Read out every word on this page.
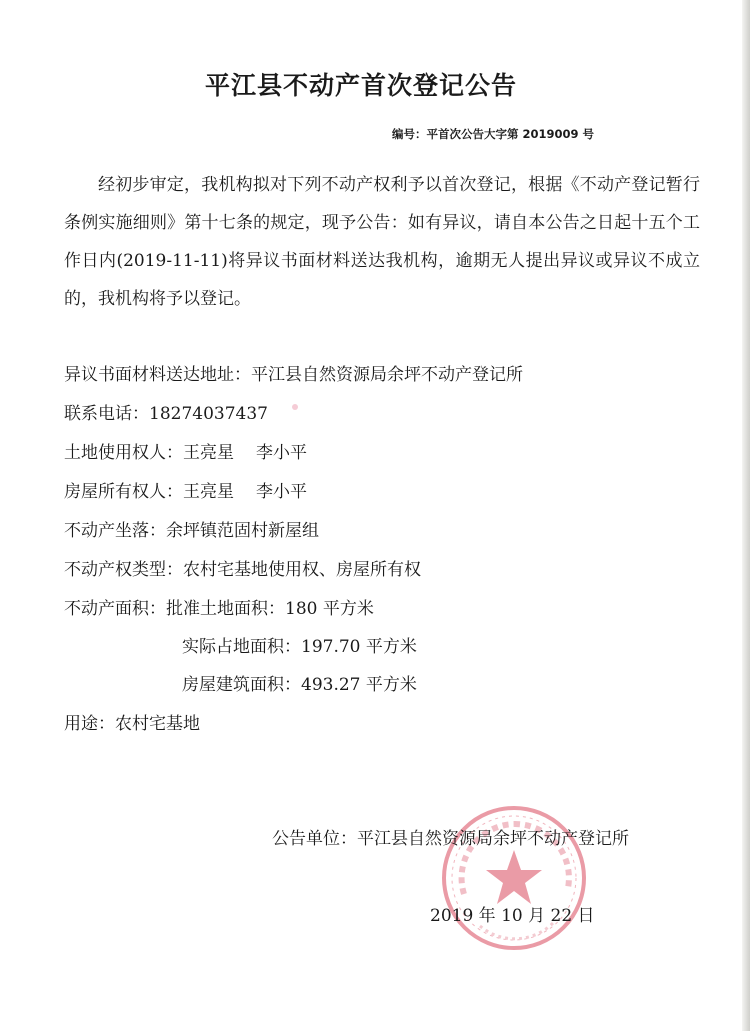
平江县不动产首次登记公告
编号：平首次公告大字第 2019009 号
经初步审定，我机构拟对下列不动产权利予以首次登记，根据《不动产登记暂行条例实施细则》第十七条的规定，现予公告：如有异议，请自本公告之日起十五个工作日内(2019-11-11)将异议书面材料送达我机构，逾期无人提出异议或异议不成立的，我机构将予以登记。
异议书面材料送达地址：平江县自然资源局余坪不动产登记所
联系电话：18274037437
土地使用权人：王亮星 李小平
房屋所有权人：王亮星 李小平
不动产坐落：余坪镇范固村新屋组
不动产权类型：农村宅基地使用权、房屋所有权
不动产面积：批准土地面积：180 平方米
实际占地面积：197.70 平方米
房屋建筑面积：493.27 平方米
用途：农村宅基地
公告单位：平江县自然资源局余坪不动产登记所
2019 年 10 月 22 日
